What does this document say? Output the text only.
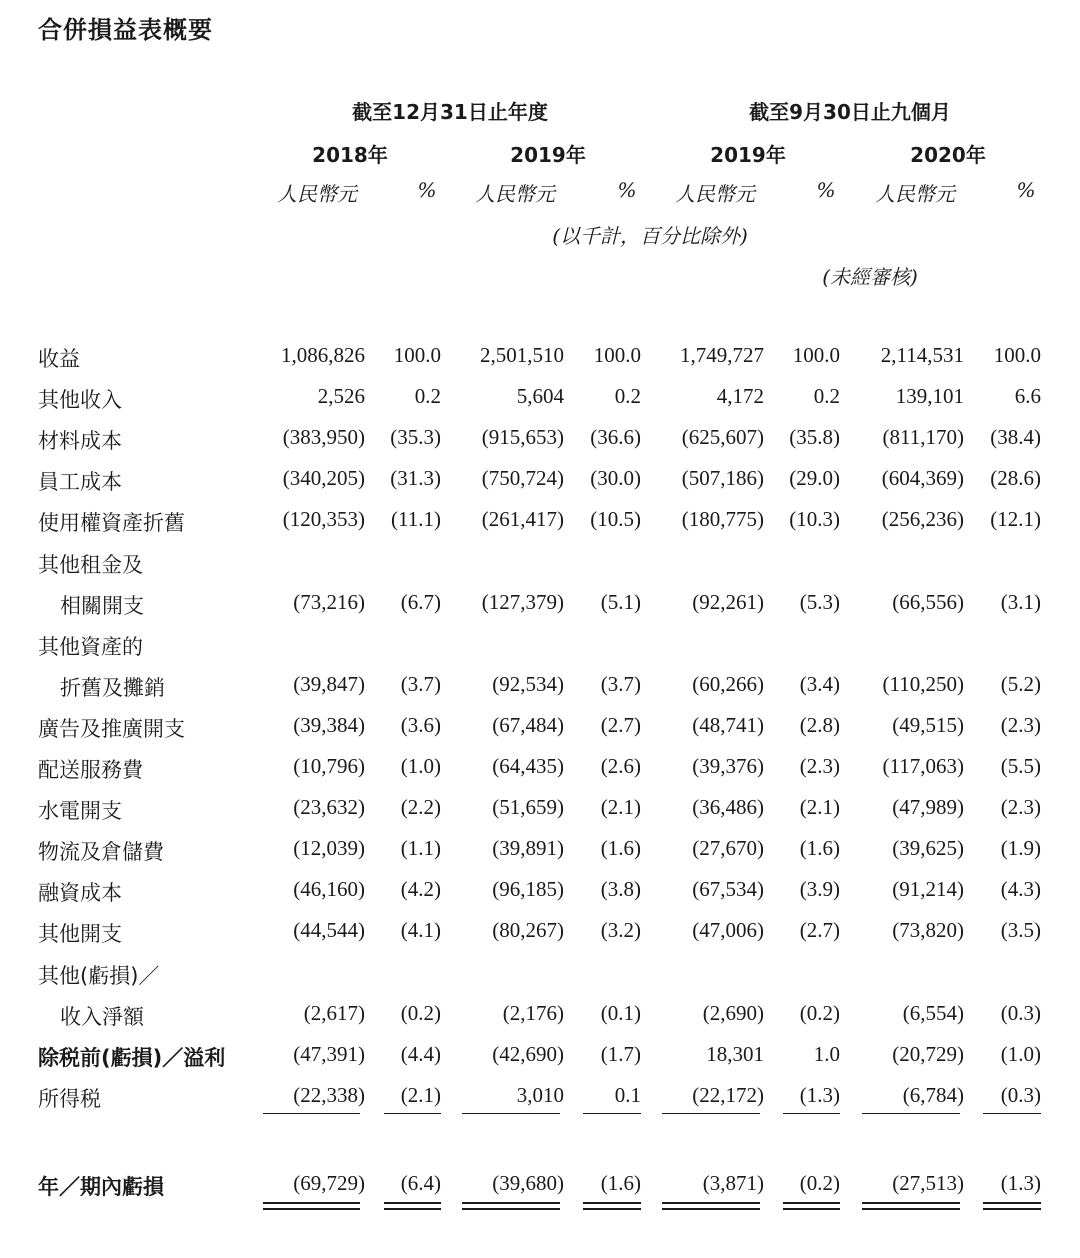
合併損益表概要
截至12月31日止年度	截至9月30日止九個月
2018年	2019年	2019年	2020年
人民幣元	%	人民幣元	%	人民幣元	%	人民幣元	%
(以千計，百分比除外)
(未經審核)
收益	1,086,826	100.0	2,501,510	100.0	1,749,727	100.0	2,114,531	100.0
其他收入	2,526	0.2	5,604	0.2	4,172	0.2	139,101	6.6
材料成本	(383,950)	(35.3)	(915,653)	(36.6)	(625,607)	(35.8)	(811,170)	(38.4)
員工成本	(340,205)	(31.3)	(750,724)	(30.0)	(507,186)	(29.0)	(604,369)	(28.6)
使用權資產折舊	(120,353)	(11.1)	(261,417)	(10.5)	(180,775)	(10.3)	(256,236)	(12.1)
其他租金及
相關開支	(73,216)	(6.7)	(127,379)	(5.1)	(92,261)	(5.3)	(66,556)	(3.1)
其他資產的
折舊及攤銷	(39,847)	(3.7)	(92,534)	(3.7)	(60,266)	(3.4)	(110,250)	(5.2)
廣告及推廣開支	(39,384)	(3.6)	(67,484)	(2.7)	(48,741)	(2.8)	(49,515)	(2.3)
配送服務費	(10,796)	(1.0)	(64,435)	(2.6)	(39,376)	(2.3)	(117,063)	(5.5)
水電開支	(23,632)	(2.2)	(51,659)	(2.1)	(36,486)	(2.1)	(47,989)	(2.3)
物流及倉儲費	(12,039)	(1.1)	(39,891)	(1.6)	(27,670)	(1.6)	(39,625)	(1.9)
融資成本	(46,160)	(4.2)	(96,185)	(3.8)	(67,534)	(3.9)	(91,214)	(4.3)
其他開支	(44,544)	(4.1)	(80,267)	(3.2)	(47,006)	(2.7)	(73,820)	(3.5)
其他(虧損)／
收入淨額	(2,617)	(0.2)	(2,176)	(0.1)	(2,690)	(0.2)	(6,554)	(0.3)
除税前(虧損)／溢利	(47,391)	(4.4)	(42,690)	(1.7)	18,301	1.0	(20,729)	(1.0)
所得税	(22,338)	(2.1)	3,010	0.1	(22,172)	(1.3)	(6,784)	(0.3)
年／期內虧損	(69,729)	(6.4)	(39,680)	(1.6)	(3,871)	(0.2)	(27,513)	(1.3)
